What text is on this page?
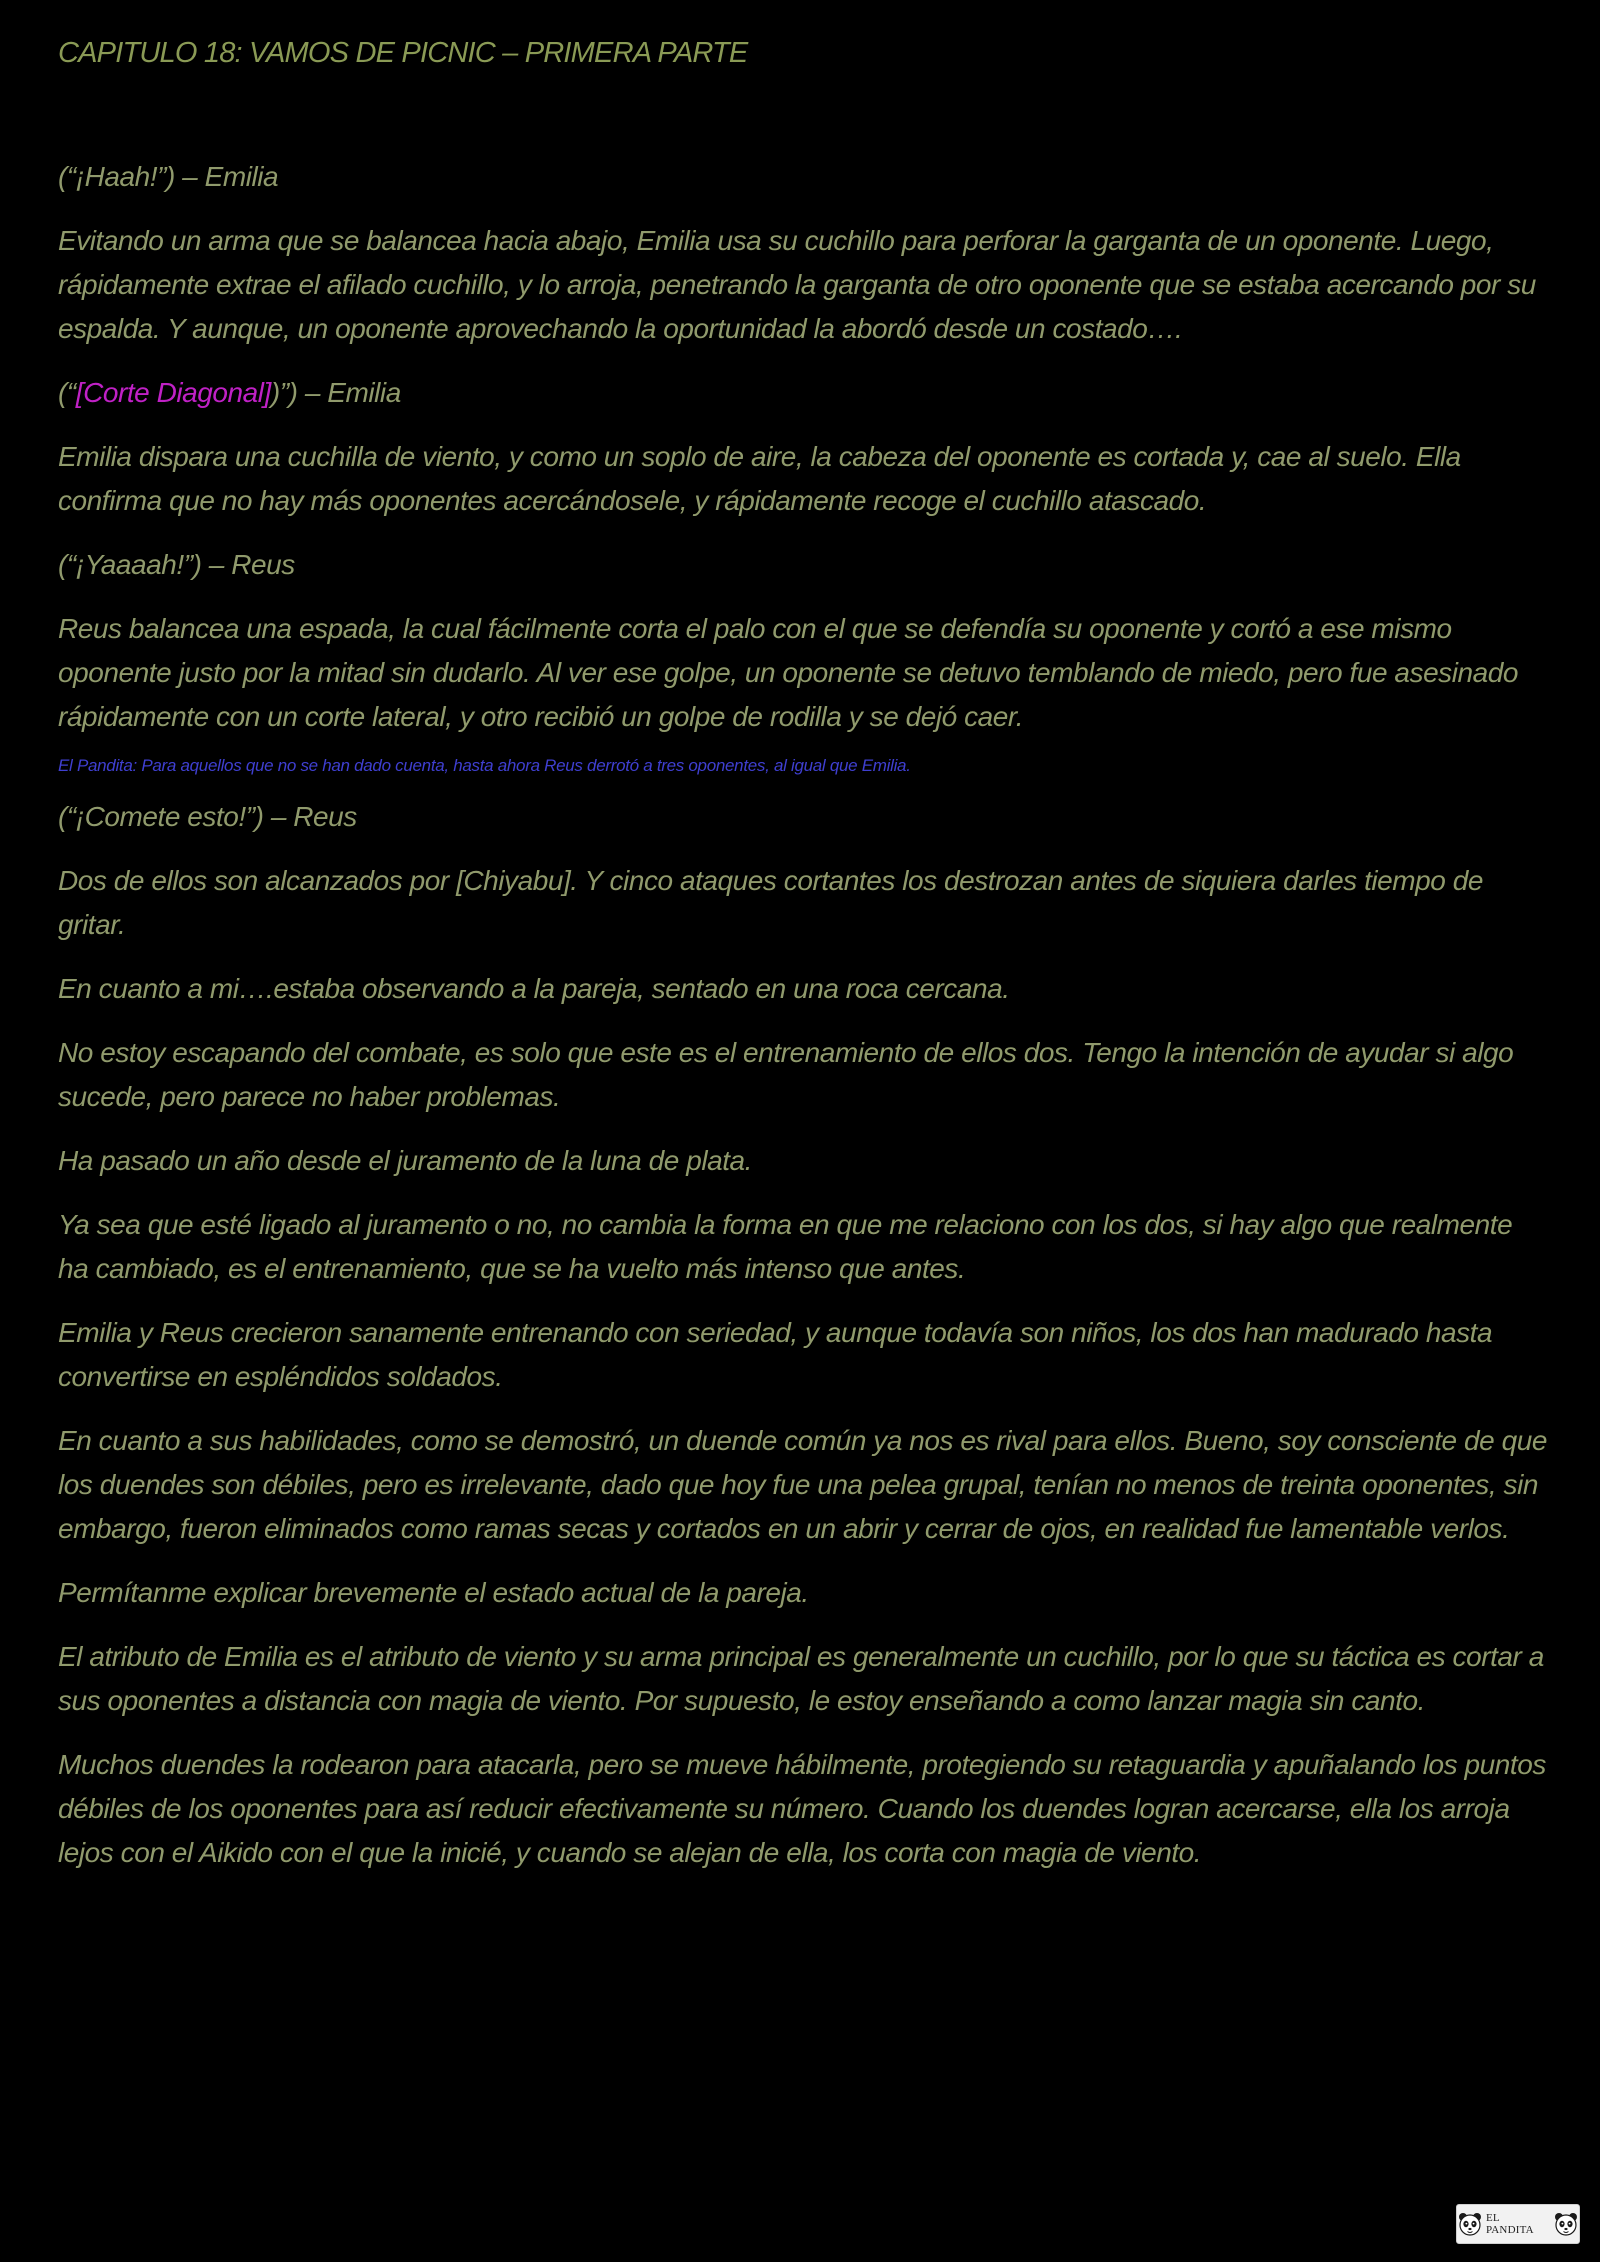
CAPITULO 18: VAMOS DE PICNIC – PRIMERA PARTE

(“¡Haah!”) – Emilia

Evitando un arma que se balancea hacia abajo, Emilia usa su cuchillo para perforar la garganta de un oponente. Luego, rápidamente extrae el afilado cuchillo, y lo arroja, penetrando la garganta de otro oponente que se estaba acercando por su espalda. Y aunque, un oponente aprovechando la oportunidad la abordó desde un costado….

(“[Corte Diagonal])”) – Emilia

Emilia dispara una cuchilla de viento, y como un soplo de aire, la cabeza del oponente es cortada y, cae al suelo. Ella confirma que no hay más oponentes acercándosele, y rápidamente recoge el cuchillo atascado.

(“¡Yaaaah!”) – Reus

Reus balancea una espada, la cual fácilmente corta el palo con el que se defendía su oponente y cortó a ese mismo oponente justo por la mitad sin dudarlo. Al ver ese golpe, un oponente se detuvo temblando de miedo, pero fue asesinado rápidamente con un corte lateral, y otro recibió un golpe de rodilla y se dejó caer.

El Pandita: Para aquellos que no se han dado cuenta, hasta ahora Reus derrotó a tres oponentes, al igual que Emilia.

(“¡Comete esto!”) – Reus

Dos de ellos son alcanzados por [Chiyabu]. Y cinco ataques cortantes los destrozan antes de siquiera darles tiempo de gritar.

En cuanto a mi….estaba observando a la pareja, sentado en una roca cercana.

No estoy escapando del combate, es solo que este es el entrenamiento de ellos dos. Tengo la intención de ayudar si algo sucede, pero parece no haber problemas.

Ha pasado un año desde el juramento de la luna de plata.

Ya sea que esté ligado al juramento o no, no cambia la forma en que me relaciono con los dos, si hay algo que realmente ha cambiado, es el entrenamiento, que se ha vuelto más intenso que antes.

Emilia y Reus crecieron sanamente entrenando con seriedad, y aunque todavía son niños, los dos han madurado hasta convertirse en espléndidos soldados.

En cuanto a sus habilidades, como se demostró, un duende común ya nos es rival para ellos. Bueno, soy consciente de que los duendes son débiles, pero es irrelevante, dado que hoy fue una pelea grupal, tenían no menos de treinta oponentes, sin embargo, fueron eliminados como ramas secas y cortados en un abrir y cerrar de ojos, en realidad fue lamentable verlos.

Permítanme explicar brevemente el estado actual de la pareja.

El atributo de Emilia es el atributo de viento y su arma principal es generalmente un cuchillo, por lo que su táctica es cortar a sus oponentes a distancia con magia de viento. Por supuesto, le estoy enseñando a como lanzar magia sin canto.

Muchos duendes la rodearon para atacarla, pero se mueve hábilmente, protegiendo su retaguardia y apuñalando los puntos débiles de los oponentes para así reducir efectivamente su número. Cuando los duendes logran acercarse, ella los arroja lejos con el Aikido con el que la inicié, y cuando se alejan de ella, los corta con magia de viento.

EL PANDITA
